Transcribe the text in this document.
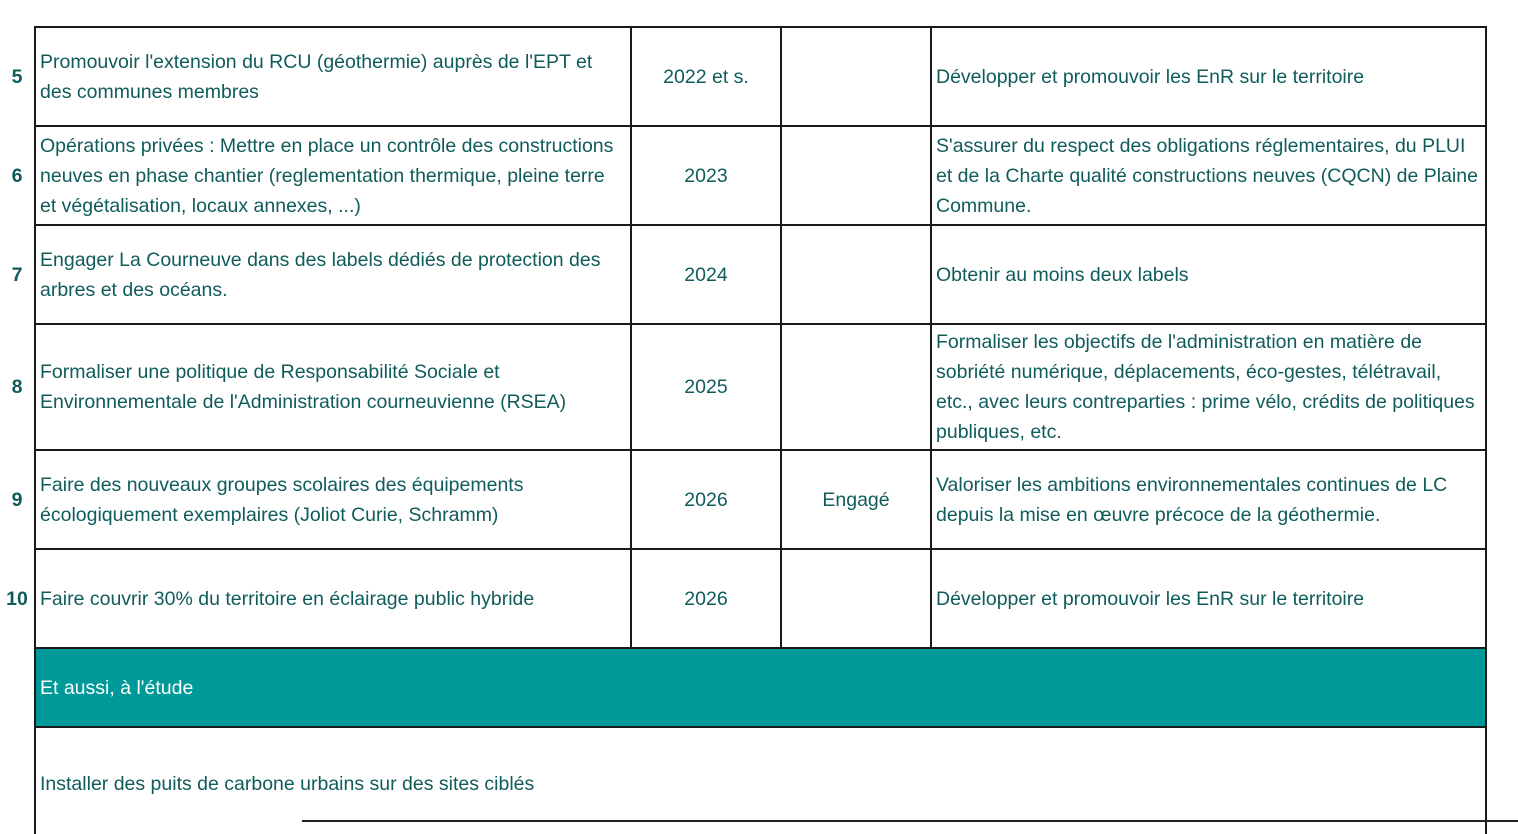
5	Promouvoir l'extension du RCU (géothermie) auprès de l'EPT et des communes membres	2022 et s.		Développer et promouvoir les EnR sur le territoire
6	Opérations privées : Mettre en place un contrôle des constructions neuves en phase chantier (reglementation thermique, pleine terre et végétalisation, locaux annexes, ...)	2023		S'assurer du respect des obligations réglementaires, du PLUI et de la Charte qualité constructions neuves (CQCN) de Plaine Commune.
7	Engager La Courneuve dans des labels dédiés de protection des arbres et des océans.	2024		Obtenir au moins deux labels
8	Formaliser une politique de Responsabilité Sociale et Environnementale de l'Administration courneuvienne (RSEA)	2025		Formaliser les objectifs de l'administration en matière de sobriété numérique, déplacements, éco-gestes, télétravail, etc., avec leurs contreparties : prime vélo, crédits de politiques publiques, etc.
9	Faire des nouveaux groupes scolaires des équipements écologiquement exemplaires (Joliot Curie, Schramm)	2026	Engagé	Valoriser les ambitions environnementales continues de LC depuis la mise en œuvre précoce de la géothermie.
10	Faire couvrir 30% du territoire en éclairage public hybride	2026		Développer et promouvoir les EnR sur le territoire
	Et aussi, à l'étude			
	Installer des puits de carbone urbains sur des sites ciblés			
